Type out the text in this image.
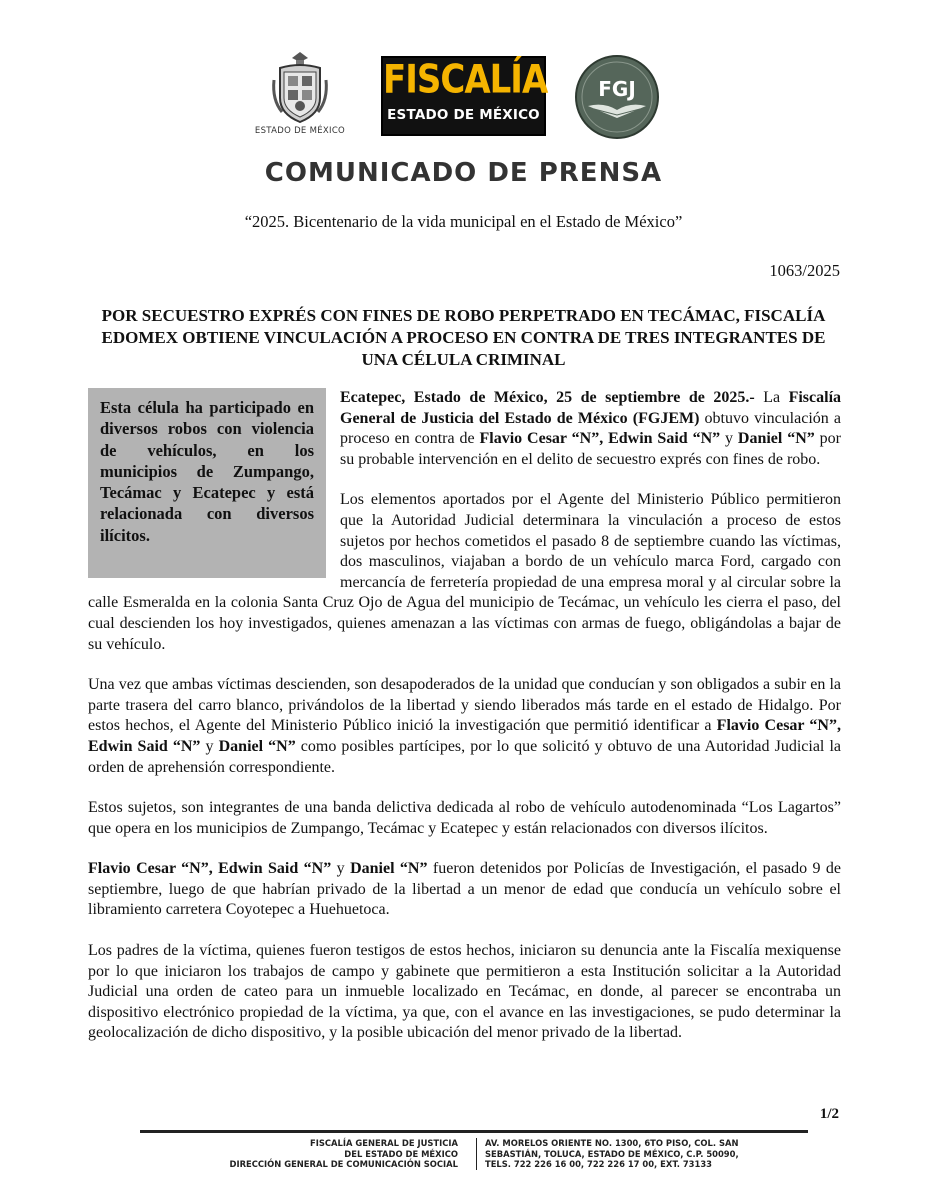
ESTADO DE MÉXICO
FISCALÍA
ESTADO DE MÉXICO
FGJ
COMUNICADO DE PRENSA
“2025. Bicentenario de la vida municipal en el Estado de México”
1063/2025
POR SECUESTRO EXPRÉS CON FINES DE ROBO PERPETRADO EN TECÁMAC, FISCALÍA EDOMEX OBTIENE VINCULACIÓN A PROCESO EN CONTRA DE TRES INTEGRANTES DE UNA CÉLULA CRIMINAL
Esta célula ha participado en diversos robos con violencia de vehículos, en los municipios de Zumpango, Tecámac y Ecatepec y está relacionada con diversos ilícitos.

Ecatepec, Estado de México, 25 de septiembre de 2025.- La Fiscalía General de Justicia del Estado de México (FGJEM) obtuvo vinculación a proceso en contra de Flavio Cesar “N”, Edwin Said “N” y Daniel “N” por su probable intervención en el delito de secuestro exprés con fines de robo.

Los elementos aportados por el Agente del Ministerio Público permitieron que la Autoridad Judicial determinara la vinculación a proceso de estos sujetos por hechos cometidos el pasado 8 de septiembre cuando las víctimas, dos masculinos, viajaban a bordo de un vehículo marca Ford, cargado con mercancía de ferretería propiedad de una empresa moral y al circular sobre la calle Esmeralda en la colonia Santa Cruz Ojo de Agua del municipio de Tecámac, un vehículo les cierra el paso, del cual descienden los hoy investigados, quienes amenazan a las víctimas con armas de fuego, obligándolas a bajar de su vehículo.

Una vez que ambas víctimas descienden, son desapoderados de la unidad que conducían y son obligados a subir en la parte trasera del carro blanco, privándolos de la libertad y siendo liberados más tarde en el estado de Hidalgo. Por estos hechos, el Agente del Ministerio Público inició la investigación que permitió identificar a Flavio Cesar “N”, Edwin Said “N” y Daniel “N” como posibles partícipes, por lo que solicitó y obtuvo de una Autoridad Judicial la orden de aprehensión correspondiente.

Estos sujetos, son integrantes de una banda delictiva dedicada al robo de vehículo autodenominada “Los Lagartos” que opera en los municipios de Zumpango, Tecámac y Ecatepec y están relacionados con diversos ilícitos.

Flavio Cesar “N”, Edwin Said “N” y Daniel “N” fueron detenidos por Policías de Investigación, el pasado 9 de septiembre, luego de que habrían privado de la libertad a un menor de edad que conducía un vehículo sobre el libramiento carretera Coyotepec a Huehuetoca.

Los padres de la víctima, quienes fueron testigos de estos hechos, iniciaron su denuncia ante la Fiscalía mexiquense por lo que iniciaron los trabajos de campo y gabinete que permitieron a esta Institución solicitar a la Autoridad Judicial una orden de cateo para un inmueble localizado en Tecámac, en donde, al parecer se encontraba un dispositivo electrónico propiedad de la víctima, ya que, con el avance en las investigaciones, se pudo determinar la geolocalización de dicho dispositivo, y la posible ubicación del menor privado de la libertad.

1/2
FISCALÍA GENERAL DE JUSTICIA
DEL ESTADO DE MÉXICO
DIRECCIÓN GENERAL DE COMUNICACIÓN SOCIAL
AV. MORELOS ORIENTE NO. 1300, 6TO PISO, COL. SAN
SEBASTIÁN, TOLUCA, ESTADO DE MÉXICO, C.P. 50090,
TELS. 722 226 16 00, 722 226 17 00, EXT. 73133
